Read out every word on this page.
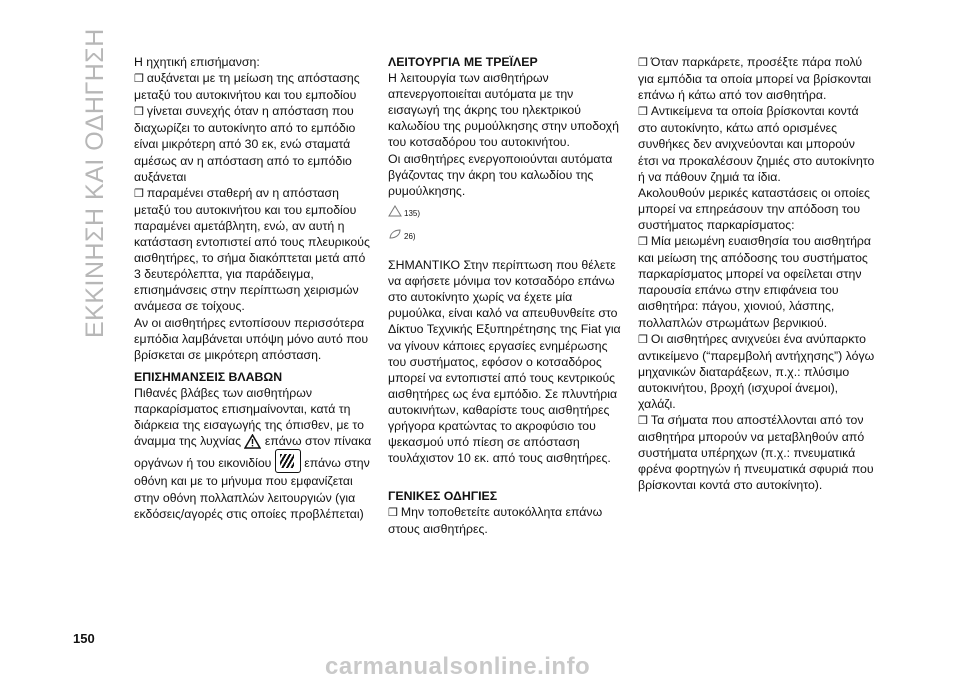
ΕΚΚΙΝΗΣΗ ΚΑΙ ΟΔΗΓΗΣΗ Η ηχητική επισήμανση:

❒ αυξάνεται με τη μείωση της απόστασης μεταξύ του αυτοκινήτου και του εμποδίου

❒ γίνεται συνεχής όταν η απόσταση που διαχωρίζει το αυτοκίνητο από το εμπόδιο είναι μικρότερη από 30 εκ, ενώ σταματά αμέσως αν η απόσταση από το εμπόδιο αυξάνεται

❒ παραμένει σταθερή αν η απόσταση μεταξύ του αυτοκινήτου και του εμποδίου παραμένει αμετάβλητη, ενώ, αν αυτή η κατάσταση εντοπιστεί από τους πλευρικούς αισθητήρες, το σήμα διακόπτεται μετά από 3 δευτερόλεπτα, για παράδειγμα, επισημάνσεις στην περίπτωση χειρισμών ανάμεσα σε τοίχους.

Αν οι αισθητήρες εντοπίσουν περισσότερα εμπόδια λαμβάνεται υπόψη μόνο αυτό που βρίσκεται σε μικρότερη απόσταση.

ΕΠΙΣΗΜΑΝΣΕΙΣ ΒΛΑΒΩΝ

Πιθανές βλάβες των αισθητήρων παρκαρίσματος επισημαίνονται, κατά τη διάρκεια της εισαγωγής της όπισθεν, με το άναμμα της λυχνίας επάνω στον πίνακα οργάνων ή του εικονιδίου	επάνω στην οθόνη και με το μήνυμα που εμφανίζεται στην οθόνη πολλαπλών λειτουργιών (για εκδόσεις/αγορές στις οποίες προβλέπεται)

ΛΕΙΤΟΥΡΓΙΑ ΜΕ ΤΡΕΪΛΕΡ

Η λειτουργία των αισθητήρων απενεργοποιείται αυτόματα με την εισαγωγή της άκρης του ηλεκτρικού καλωδίου της ρυμούλκησης στην υποδοχή του κοτσαδόρου του αυτοκινήτου.

Οι αισθητήρες ενεργοποιούνται αυτόματα βγάζοντας την άκρη του καλωδίου της ρυμούλκησης.

135)

26)

ΣΗΜΑΝΤΙΚΟ Στην περίπτωση που θέλετε να αφήσετε μόνιμα τον κοτσαδόρο επάνω στο αυτοκίνητο χωρίς να έχετε μία ρυμούλκα, είναι καλό να απευθυνθείτε στο Δίκτυο Τεχνικής Εξυπηρέτησης της Fiat για να γίνουν κάποιες εργασίες ενημέρωσης του συστήματος, εφόσον ο κοτσαδόρος μπορεί να εντοπιστεί από τους κεντρικούς αισθητήρες ως ένα εμπόδιο. Σε πλυντήρια αυτοκινήτων, καθαρίστε τους αισθητήρες γρήγορα κρατώντας το ακροφύσιο του ψεκασμού υπό πίεση σε απόσταση τουλάχιστον 10 εκ. από τους αισθητήρες.

ΓΕΝΙΚΕΣ ΟΔΗΓΙΕΣ

❒ Μην τοποθετείτε αυτοκόλλητα επάνω στους αισθητήρες.

❒ Όταν παρκάρετε, προσέξτε πάρα πολύ για εμπόδια τα οποία μπορεί να βρίσκονται επάνω ή κάτω από τον αισθητήρα.

❒ Αντικείμενα τα οποία βρίσκονται κοντά στο αυτοκίνητο, κάτω από ορισμένες συνθήκες δεν ανιχνεύονται και μπορούν έτσι να προκαλέσουν ζημιές στο αυτοκίνητο ή να πάθουν ζημιά τα ίδια.

Ακολουθούν μερικές καταστάσεις οι οποίες μπορεί να επηρεάσουν την απόδοση του συστήματος παρκαρίσματος:

❒ Μία μειωμένη ευαισθησία του αισθητήρα και μείωση της απόδοσης του συστήματος παρκαρίσματος μπορεί να οφείλεται στην παρουσία επάνω στην επιφάνεια του αισθητήρα: πάγου, χιονιού, λάσπης, πολλαπλών στρωμάτων βερνικιού.

❒ Οι αισθητήρες ανιχνεύει ένα ανύπαρκτο αντικείμενο (“παρεμβολή αντήχησης”) λόγω μηχανικών διαταράξεων, π.χ.: πλύσιμο αυτοκινήτου, βροχή (ισχυροί άνεμοι), χαλάζι.

❒ Τα σήματα που αποστέλλονται από τον αισθητήρα μπορούν να μεταβληθούν από συστήματα υπέρηχων (π.χ.: πνευματικά φρένα φορτηγών ή πνευματικά σφυριά που βρίσκονται κοντά στο αυτοκίνητο).

150
carmanualsonline.info
